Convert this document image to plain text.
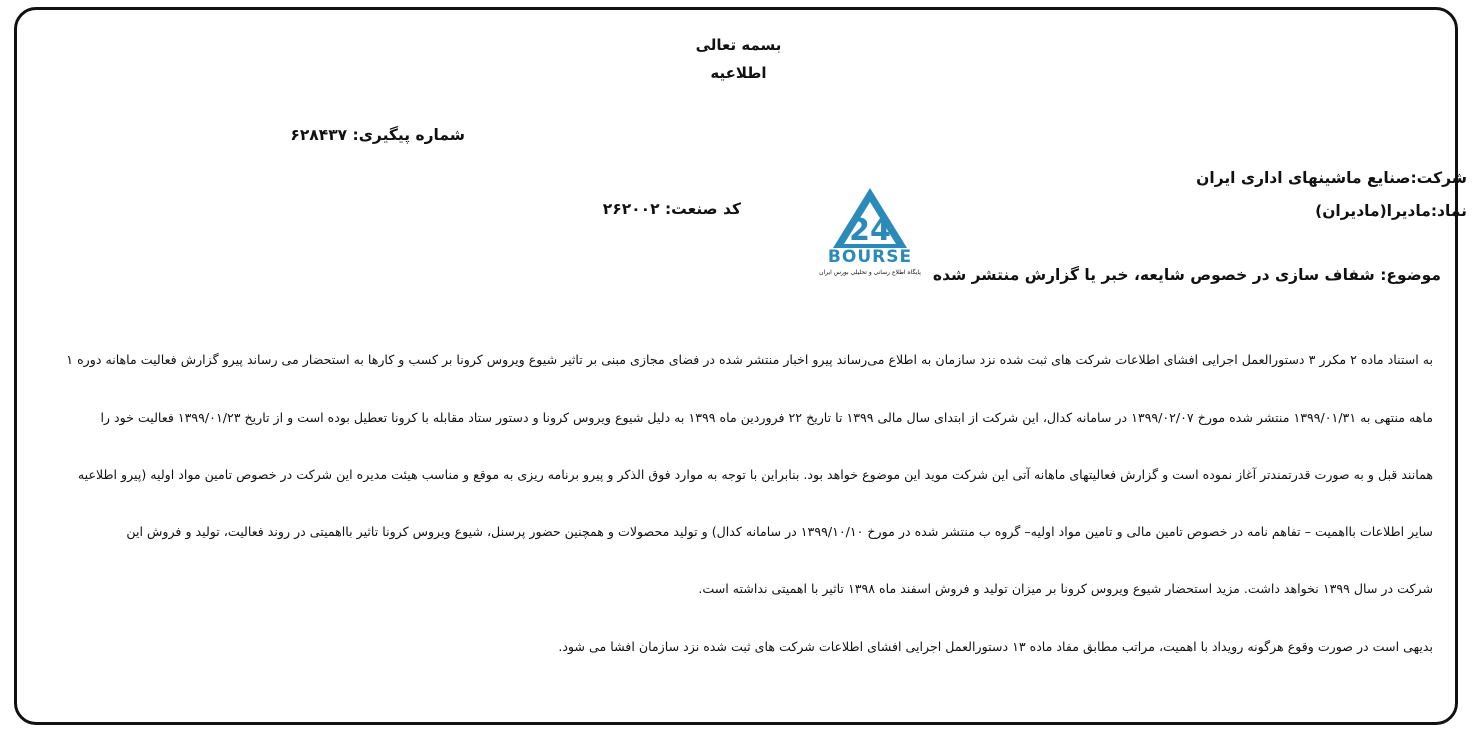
بسمه تعالی
اطلاعیه
شماره پیگیری: ۶۲۸۴۳۷
شرکت:صنایع ماشینهای اداری ایران
نماد:مادیرا(مادیران)
کد صنعت: ۲۶۲۰۰۲
موضوع: شفاف سازی در خصوص شایعه، خبر یا گزارش منتشر شده
24
BOURSE
پایگاه اطلاع رسانی و تحلیلی بورس ایران
به استناد ماده ۲ مکرر ۳ دستورالعمل اجرایی افشای اطلاعات شرکت های ثبت شده نزد سازمان به اطلاع می‌رساند پیرو اخبار منتشر شده در فضای مجازی مبنی بر تاثیر شیوع ویروس کرونا بر کسب و کارها به استحضار می رساند پیرو گزارش فعالیت ماهانه دوره ۱
ماهه منتهی به ۱۳۹۹/۰۱/۳۱ منتشر شده مورخ ۱۳۹۹/۰۲/۰۷ در سامانه کدال، این شرکت از ابتدای سال مالی ۱۳۹۹ تا تاریخ ۲۲ فروردین ماه ۱۳۹۹ به دلیل شیوع ویروس کرونا و دستور ستاد مقابله با کرونا تعطیل بوده است و از تاریخ ۱۳۹۹/۰۱/۲۳ فعالیت خود را
همانند قبل و به صورت قدرتمندتر آغاز نموده است و گزارش فعالیتهای ماهانه آتی این شرکت موید این موضوع خواهد بود. بنابراین با توجه به موارد فوق الذکر و پیرو برنامه ریزی به موقع و مناسب هیئت مدیره این شرکت در خصوص تامین مواد اولیه (پیرو اطلاعیه
سایر اطلاعات بااهمیت – تفاهم نامه در خصوص تامین مالی و تامین مواد اولیه– گروه ب منتشر شده در مورخ ۱۳۹۹/۱۰/۱۰ در سامانه کدال) و تولید محصولات و همچنین حضور پرسنل، شیوع ویروس کرونا تاثیر بااهمیتی در روند فعالیت، تولید و فروش این
شرکت در سال ۱۳۹۹ نخواهد داشت. مزید استحضار شیوع ویروس کرونا بر میزان تولید و فروش اسفند ماه ۱۳۹۸ تاثیر با اهمیتی نداشته است.
بدیهی است در صورت وقوع هرگونه رویداد با اهمیت، مراتب مطابق مفاد ماده ۱۳ دستورالعمل اجرایی افشای اطلاعات شرکت های ثبت شده نزد سازمان افشا می شود.
